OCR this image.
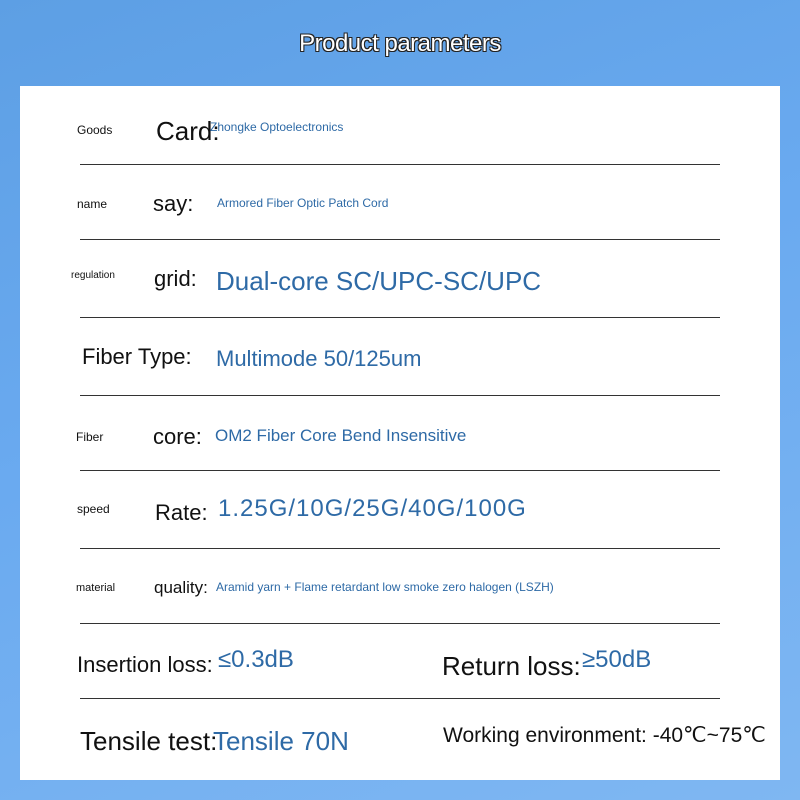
Product parameters
Goods Card:
Zhongke Optoelectronics
name say: Armored Fiber Optic Patch Cord
regulation grid: Dual-core SC/UPC-SC/UPC
Fiber Type: Multimode 50/125um
Fiber core: OM2 Fiber Core Bend Insensitive
speed Rate: 1.25G/10G/25G/40G/100G
material quality: Aramid yarn + Flame retardant low smoke zero halogen (LSZH)
Insertion loss: ≤0.3dB	Return loss: ≥50dB
Tensile test:
Tensile 70N	Working environment: -40℃~75℃
